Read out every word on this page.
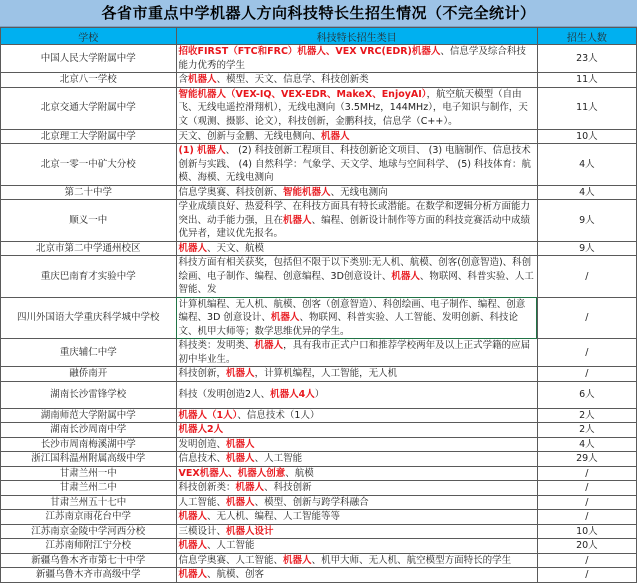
各省市重点中学机器人方向科技特长生招生情况（不完全统计）
学校	科技特长招生类目	招生人数
中国人民大学附属中学	招收FIRST（FTC和FRC）机器人、VEX VRC(EDR)机器人、信息学及综合科技能力优秀的学生	23人
北京八一学校	含机器人、模型、天文、信息学、科技创新类	11人
北京交通大学附属中学	智能机器人（VEX-IQ、VEX-EDR、MakeX、EnjoyAI），航空航天模型（自由飞、无线电遥控滑翔机），无线电测向（3.5MHz，144MHz），电子知识与制作，天文（观测、摄影、论文），科技创新，金鹏科技，信息学（C++）。	11人
北京理工大学附属中学	天文、创新与金鹏、无线电侧向、机器人	10人
北京一零一中矿大分校	(1) 机器人、 (2) 科技创新工程项目、科技创新论文项目、 (3) 电脑制作、信息技术创新与实践、 (4) 自然科学：气象学、天文学、地球与空间科学、 (5) 科技体育：航模、海模、无线电测向	4人
第二十中学	信息学奥赛、科技创新、智能机器人、无线电测向	4人
顺义一中	学业成绩良好、热爱科学、在科技方面具有特长或潜能。在数学和逻辑分析方面能力突出、动手能力强，且在机器人、编程、创新设计制作等方面的科技竞赛活动中成绩优异者，建议优先报名。	9人
北京市第二中学通州校区	机器人、天文、航模	9人
重庆巴南育才实验中学	科技方面有相关获奖，包括但不限于以下类别:无人机、航模、创客(创意智造)、科创绘画、电子制作、编程、创意编程、3D创意设计、机器人、物联网、科普实验、人工智能、发	/
四川外国语大学重庆科学城中学校	计算机编程、无人机、航模、创客（创意智造）、科创绘画、电子制作、编程、创意编程、3D 创意设计、机器人、物联网、科普实验、人工智能、发明创新、科技论文、机甲大师等；数学思维优异的学生。	/
重庆辅仁中学	科技类：发明类、机器人，具有我市正式户口和推荐学校两年及以上正式学籍的应届初中毕业生。	/
融侨南开	科技创新，机器人，计算机编程，人工智能，无人机	/
湖南长沙雷锋学校	科技（发明创造2人、机器人4人）	6人
湖南师范大学附属中学	机器人（1人）、信息技术（1人）	2人
湖南长沙周南中学	机器人2人	2人
长沙市周南梅溪湖中学	发明创造、机器人	4人
浙江国科温州附属高级中学	信息技术、机器人、人工智能	29人
甘肃兰州一中	VEX机器人、机器人创意、航模	/
甘肃兰州二中	科技创新类：机器人、科技创新	/
甘肃兰州五十七中	人工智能、机器人、模型、创新与跨学科融合	/
江苏南京雨花台中学	机器人、无人机、编程、人工智能等等	/
江苏南京金陵中学河西分校	三模设计、机器人设计	10人
江苏南师附江宁分校	机器人、人工智能	20人
新疆乌鲁木齐市第七十中学	信息学奥赛、人工智能、机器人、机甲大师、无人机、航空模型方面特长的学生	/
新疆乌鲁木齐市高级中学	机器人、航模、创客	/
